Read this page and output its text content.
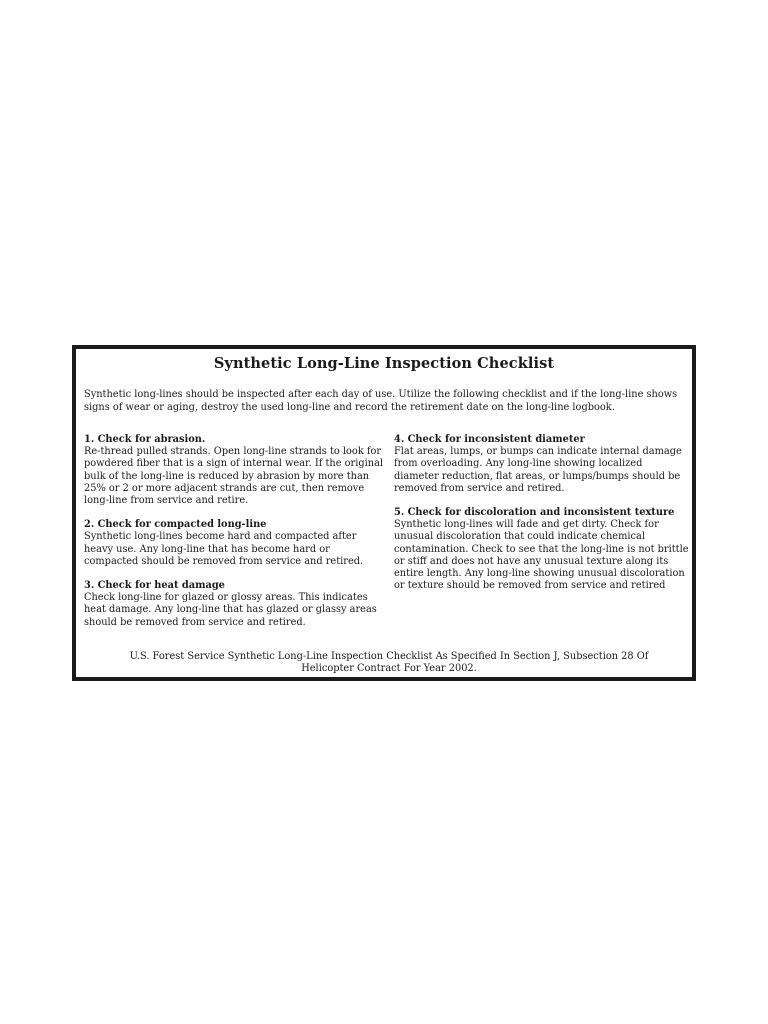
Synthetic Long-Line Inspection Checklist
Synthetic long-lines should be inspected after each day of use. Utilize the following checklist and if the long-line shows signs of wear or aging, destroy the used long-line and record the retirement date on the long-line logbook.
1. Check for abrasion.
Re-thread pulled strands. Open long-line strands to look for powdered fiber that is a sign of internal wear. If the original bulk of the long-line is reduced by abrasion by more than 25% or 2 or more adjacent strands are cut, then remove long-line from service and retire.
2. Check for compacted long-line
Synthetic long-lines become hard and compacted after heavy use. Any long-line that has become hard or compacted should be removed from service and retired.
3. Check for heat damage
Check long-line for glazed or glossy areas. This indicates heat damage. Any long-line that has glazed or glassy areas should be removed from service and retired.
4. Check for inconsistent diameter
Flat areas, lumps, or bumps can indicate internal damage from overloading. Any long-line showing localized diameter reduction, flat areas, or lumps/bumps should be removed from service and retired.
5. Check for discoloration and inconsistent texture
Synthetic long-lines will fade and get dirty. Check for unusual discoloration that could indicate chemical contamination. Check to see that the long-line is not brittle or stiff and does not have any unusual texture along its entire length. Any long-line showing unusual discoloration or texture should be removed from service and retired
U.S. Forest Service Synthetic Long-Line Inspection Checklist As Specified In Section J, Subsection 28 Of Helicopter Contract For Year 2002.
